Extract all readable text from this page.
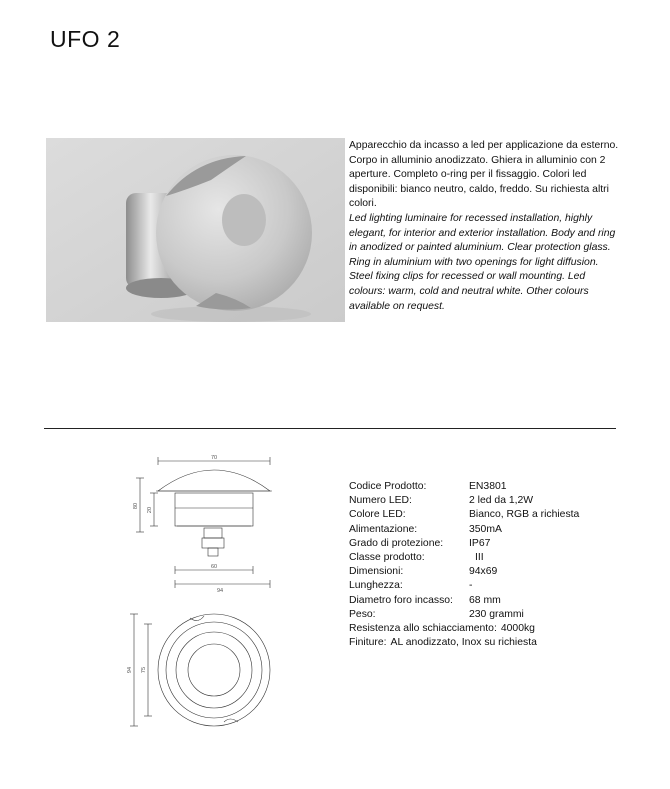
UFO 2
Apparecchio da incasso a led per applicazione da esterno. Corpo in alluminio anodizzato. Ghiera in alluminio con 2 aperture. Completo o-ring per il fissaggio. Colori led disponibili: bianco neutro, caldo, freddo. Su richiesta altri colori.
Led lighting luminaire for recessed installation, highly elegant, for interior and exterior installation. Body and ring in anodized or painted aluminium. Clear protection glass. Ring in aluminium with two openings for light diffusion. Steel fixing clips for recessed or wall mounting. Led colours: warm, cold and neutral white. Other colours available on request.
70
80
20
60
94
94 75
Codice Prodotto:	EN3801
Numero LED:	2 led da 1,2W
Colore LED:	Bianco, RGB a richiesta
Alimentazione:	350mA
Grado di protezione:	IP67
Classe prodotto:	III
Dimensioni:	94x69
Lunghezza:	-
Diametro foro incasso:	68 mm
Peso:	230 grammi
Resistenza allo schiacciamento: 4000kg
Finiture: AL anodizzato, Inox su richiesta
